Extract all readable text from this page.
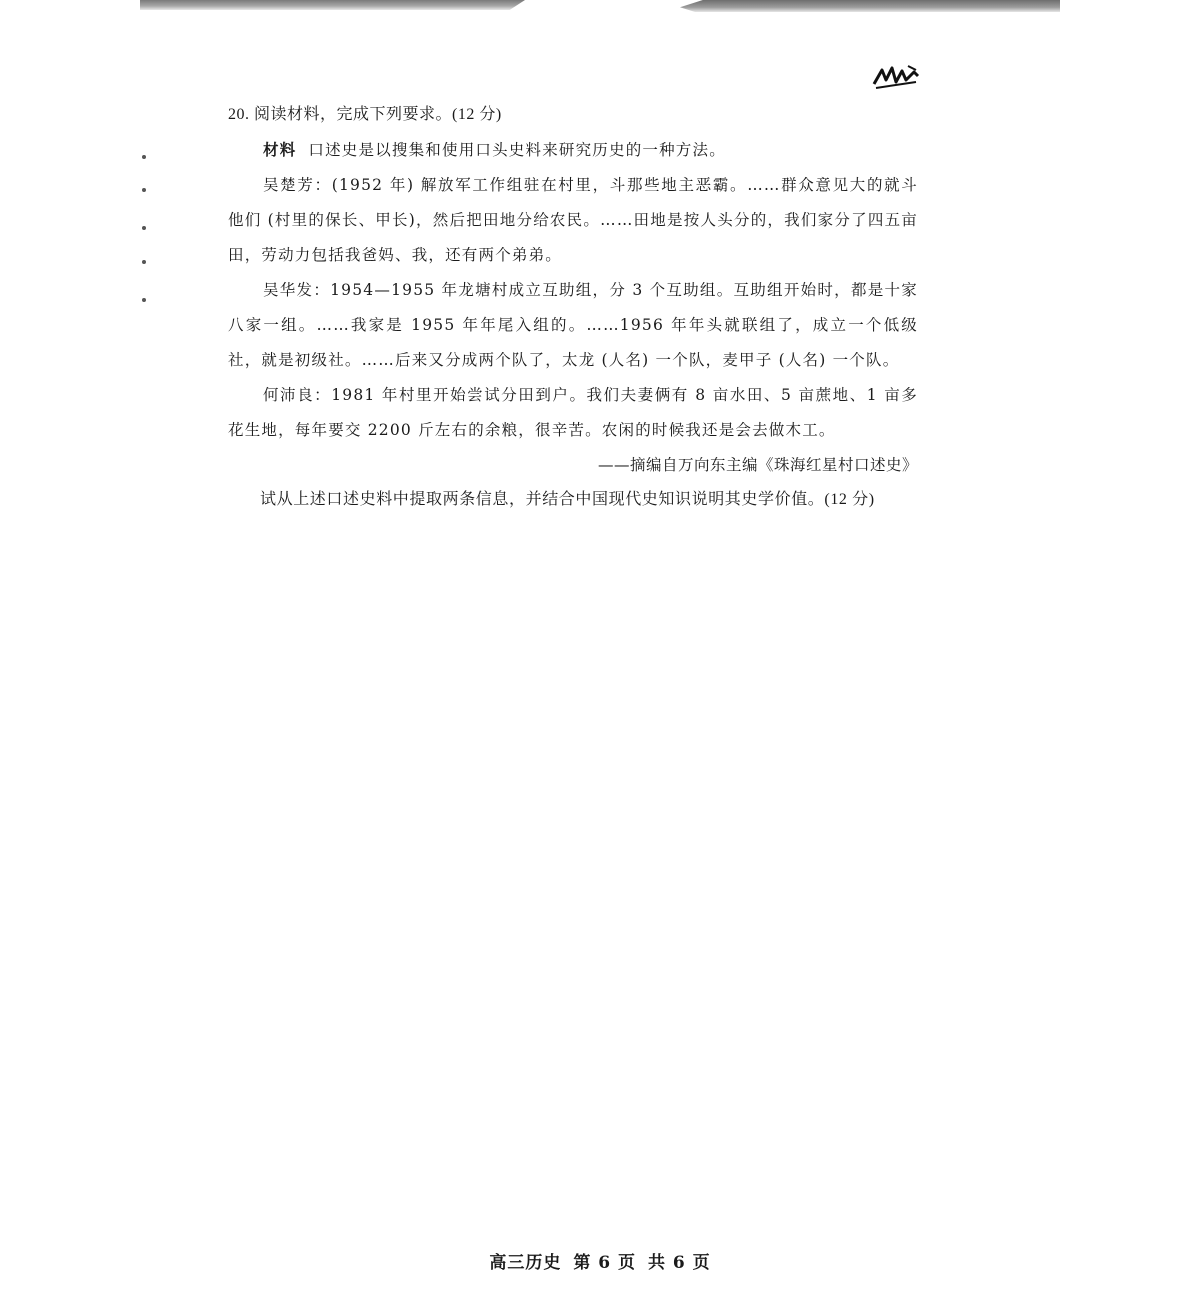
20. 阅读材料，完成下列要求。(12 分)

材料 口述史是以搜集和使用口头史料来研究历史的一种方法。

吴楚芳：(1952 年) 解放军工作组驻在村里，斗那些地主恶霸。……群众意见大的就斗他们 (村里的保长、甲长)，然后把田地分给农民。……田地是按人头分的，我们家分了四五亩田，劳动力包括我爸妈、我，还有两个弟弟。

吴华发：1954—1955 年龙塘村成立互助组，分 3 个互助组。互助组开始时，都是十家八家一组。……我家是 1955 年年尾入组的。……1956 年年头就联组了，成立一个低级社，就是初级社。……后来又分成两个队了，太龙 (人名) 一个队，麦甲子 (人名) 一个队。

何沛良：1981 年村里开始尝试分田到户。我们夫妻俩有 8 亩水田、5 亩蔗地、1 亩多花生地，每年要交 2200 斤左右的余粮，很辛苦。农闲的时候我还是会去做木工。

——摘编自万向东主编《珠海红星村口述史》
试从上述口述史料中提取两条信息，并结合中国现代史知识说明其史学价值。(12 分)
高三历史 第 6 页 共 6 页
